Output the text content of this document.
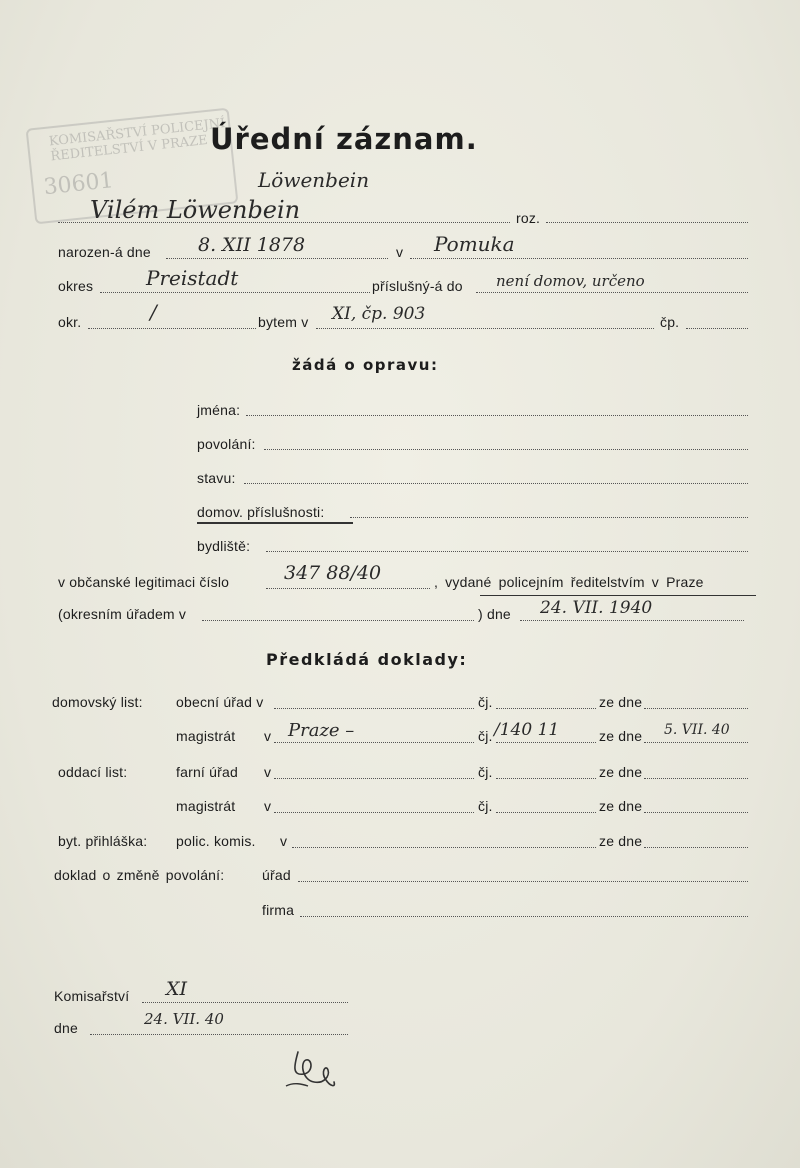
KOMISAŘSTVÍ POLICEJNÍ ŘEDITELSTVÍ V PRAZE
30601
Úřední záznam.
Löwenbein
Vilém Löwenbein	roz.
narozen-á dne 8. XII 1878	v Pomuka
okres	Preistadt	příslušný-á do není domov, určeno
okr.	/	bytem v XI, čp. 903	čp.
žádá o opravu:
jména:
povolání:
stavu:
domov. příslušnosti:
bydliště:
v občanské legitimaci číslo	347 88/40	, vydané policejním ředitelstvím v Praze
(okresním úřadem v	) dne 24. VII. 1940
Předkládá doklady:
domovský list: obecní úřad v	čj.	ze dne
magistrát v Praze –	čj. /140 11	ze dne 5. VII. 40
oddací list:	farní úřad v	čj.	ze dne
magistrát v	čj.	ze dne
byt. přihláška: polic. komis. v	ze dne
doklad o změně povolání:	úřad
firma
Komisařství XI
dne	24. VII. 40
